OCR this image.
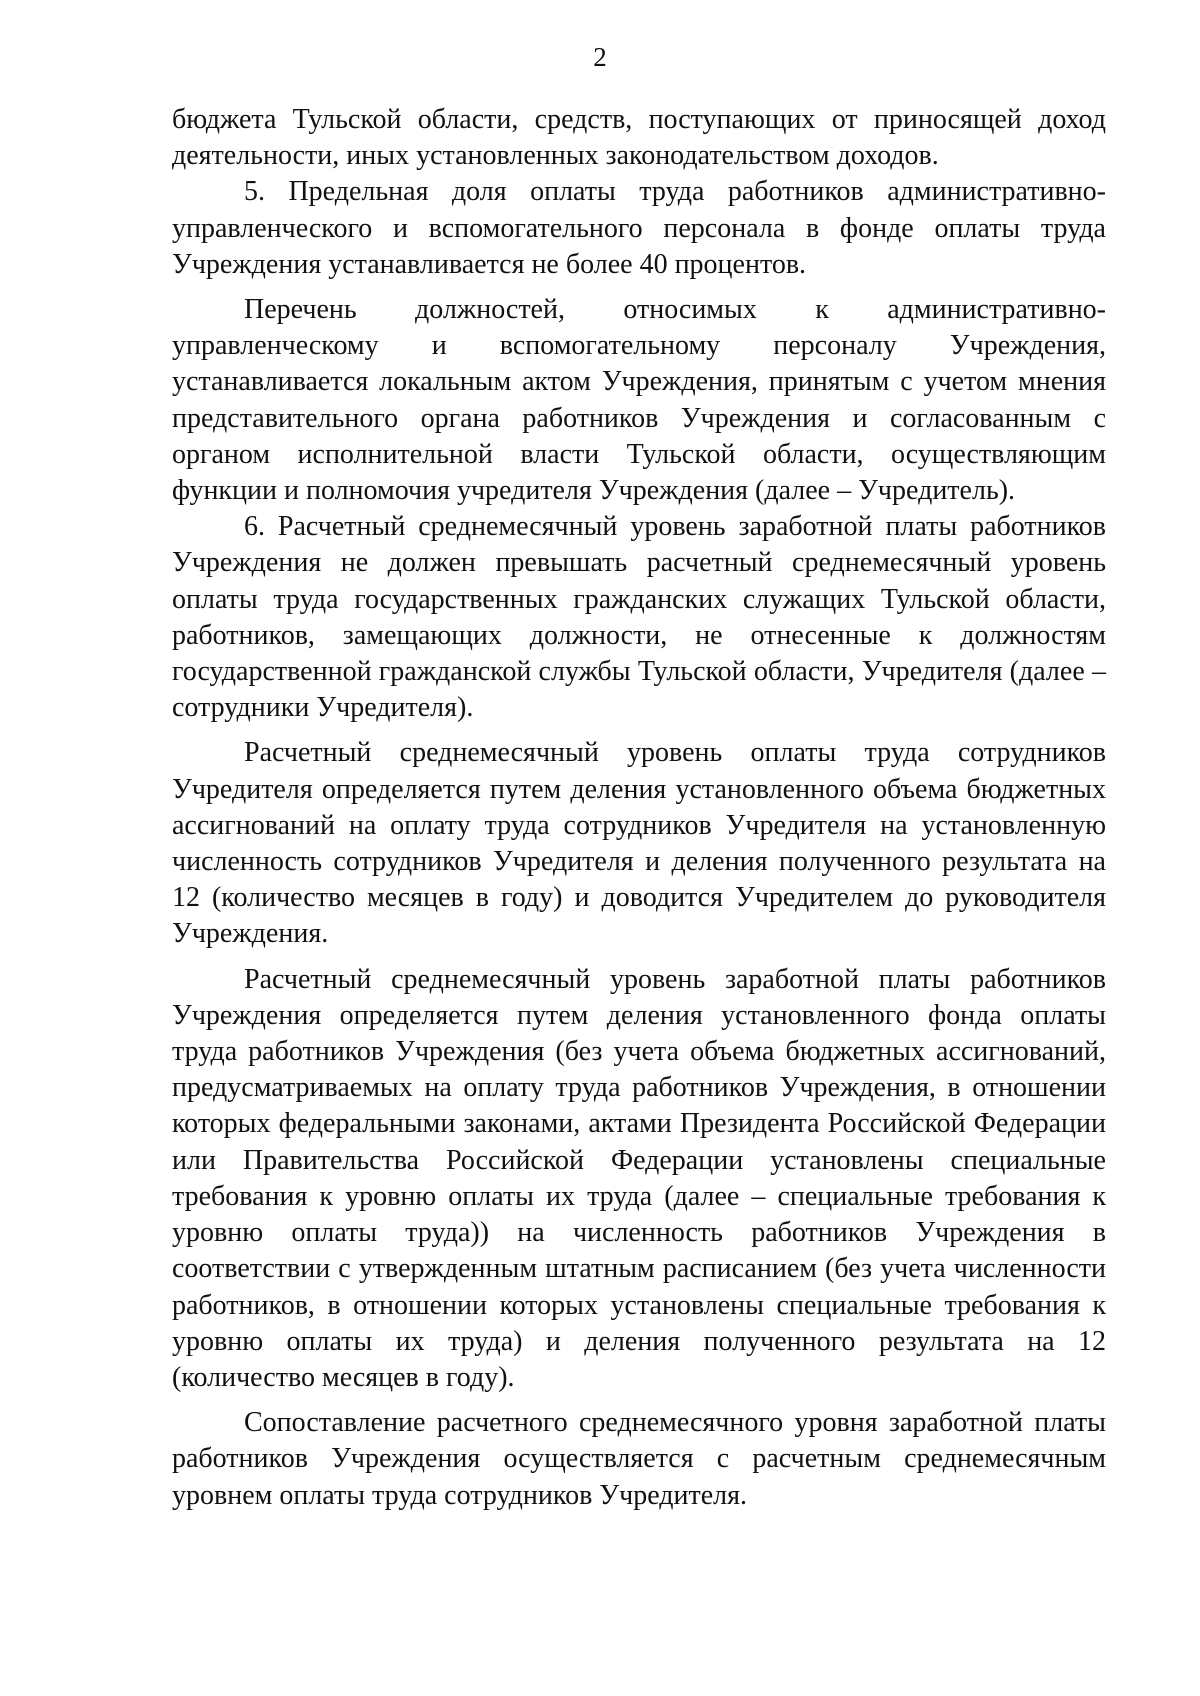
2

бюджета Тульской области, средств, поступающих от приносящей доход деятельности, иных установленных законодательством доходов.

5. Предельная доля оплаты труда работников административно-управленческого и вспомогательного персонала в фонде оплаты труда Учреждения устанавливается не более 40 процентов.

Перечень должностей, относимых к административно-управленческому и вспомогательному персоналу Учреждения, устанавливается локальным актом Учреждения, принятым с учетом мнения представительного органа работников Учреждения и согласованным с органом исполнительной власти Тульской области, осуществляющим функции и полномочия учредителя Учреждения (далее – Учредитель).

6. Расчетный среднемесячный уровень заработной платы работников Учреждения не должен превышать расчетный среднемесячный уровень оплаты труда государственных гражданских служащих Тульской области, работников, замещающих должности, не отнесенные к должностям государственной гражданской службы Тульской области, Учредителя (далее – сотрудники Учредителя).

Расчетный среднемесячный уровень оплаты труда сотрудников Учредителя определяется путем деления установленного объема бюджетных ассигнований на оплату труда сотрудников Учредителя на установленную численность сотрудников Учредителя и деления полученного результата на 12 (количество месяцев в году) и доводится Учредителем до руководителя Учреждения.

Расчетный среднемесячный уровень заработной платы работников Учреждения определяется путем деления установленного фонда оплаты труда работников Учреждения (без учета объема бюджетных ассигнований, предусматриваемых на оплату труда работников Учреждения, в отношении которых федеральными законами, актами Президента Российской Федерации или Правительства Российской Федерации установлены специальные требования к уровню оплаты их труда (далее – специальные требования к уровню оплаты труда)) на численность работников Учреждения в соответствии с утвержденным штатным расписанием (без учета численности работников, в отношении которых установлены специальные требования к уровню оплаты их труда) и деления полученного результата на 12 (количество месяцев в году).

Сопоставление расчетного среднемесячного уровня заработной платы работников Учреждения осуществляется с расчетным среднемесячным уровнем оплаты труда сотрудников Учредителя.
